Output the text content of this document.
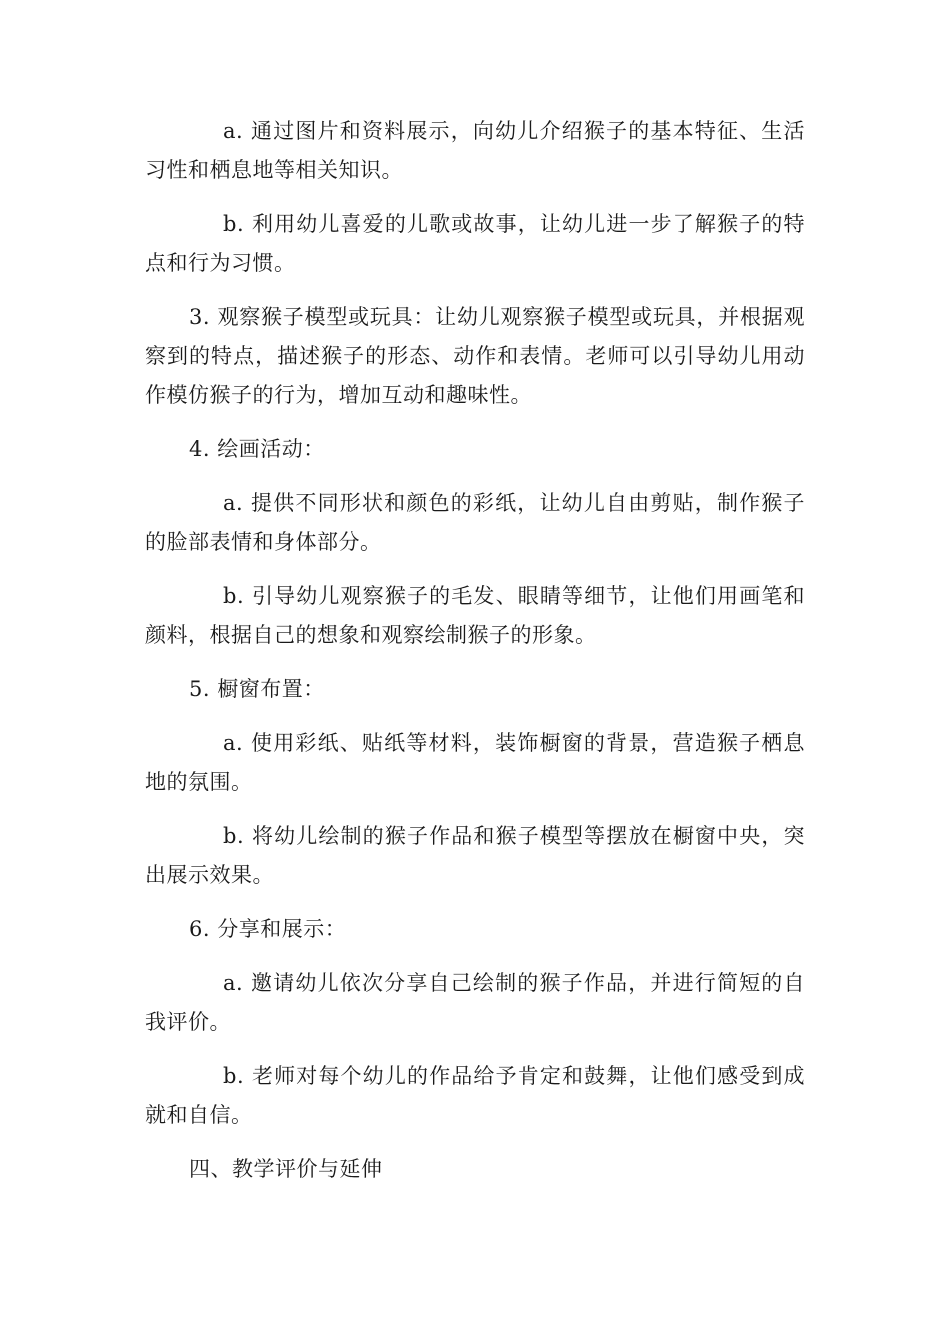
a. 通过图片和资料展示，向幼儿介绍猴子的基本特征、生活习性和栖息地等相关知识。

b. 利用幼儿喜爱的儿歌或故事，让幼儿进一步了解猴子的特点和行为习惯。

3. 观察猴子模型或玩具：让幼儿观察猴子模型或玩具，并根据观察到的特点，描述猴子的形态、动作和表情。老师可以引导幼儿用动作模仿猴子的行为，增加互动和趣味性。

4. 绘画活动：

a. 提供不同形状和颜色的彩纸，让幼儿自由剪贴，制作猴子的脸部表情和身体部分。

b. 引导幼儿观察猴子的毛发、眼睛等细节，让他们用画笔和颜料，根据自己的想象和观察绘制猴子的形象。

5. 橱窗布置：

a. 使用彩纸、贴纸等材料，装饰橱窗的背景，营造猴子栖息地的氛围。

b. 将幼儿绘制的猴子作品和猴子模型等摆放在橱窗中央，突出展示效果。

6. 分享和展示：

a. 邀请幼儿依次分享自己绘制的猴子作品，并进行简短的自我评价。

b. 老师对每个幼儿的作品给予肯定和鼓舞，让他们感受到成就和自信。

四、教学评价与延伸
